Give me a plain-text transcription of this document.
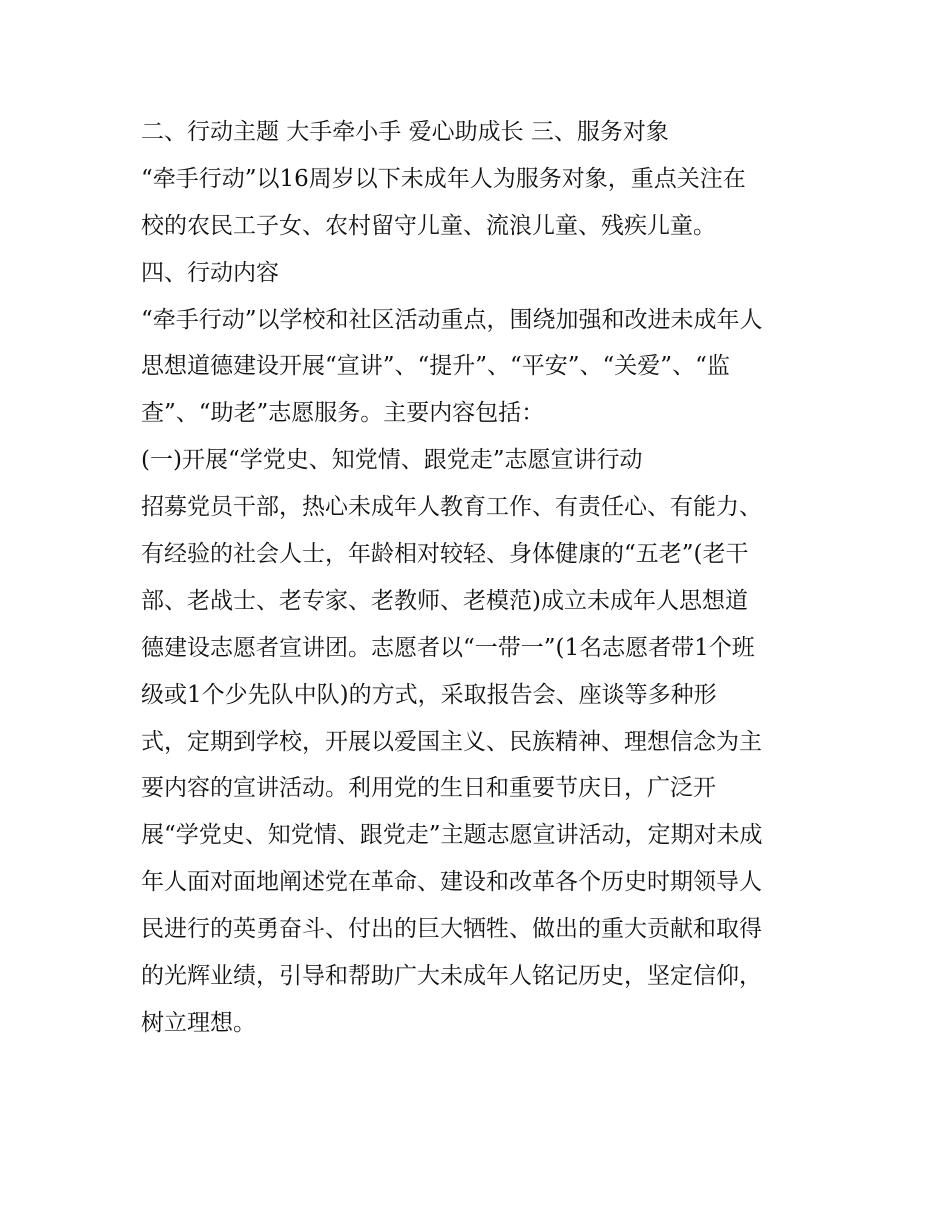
二、行动主题 大手牵小手 爱心助成长 三、服务对象
“牵手行动”以16周岁以下未成年人为服务对象，重点关注在
校的农民工子女、农村留守儿童、流浪儿童、残疾儿童。
四、行动内容
“牵手行动”以学校和社区活动重点，围绕加强和改进未成年人
思想道德建设开展“宣讲”、“提升”、“平安”、“关爱”、“监
查”、“助老”志愿服务。主要内容包括：
(一)开展“学党史、知党情、跟党走”志愿宣讲行动
招募党员干部，热心未成年人教育工作、有责任心、有能力、
有经验的社会人士，年龄相对较轻、身体健康的“五老”(老干
部、老战士、老专家、老教师、老模范)成立未成年人思想道
德建设志愿者宣讲团。志愿者以“一带一”(1名志愿者带1个班
级或1个少先队中队)的方式，采取报告会、座谈等多种形
式，定期到学校，开展以爱国主义、民族精神、理想信念为主
要内容的宣讲活动。利用党的生日和重要节庆日，广泛开
展“学党史、知党情、跟党走”主题志愿宣讲活动，定期对未成
年人面对面地阐述党在革命、建设和改革各个历史时期领导人
民进行的英勇奋斗、付出的巨大牺牲、做出的重大贡献和取得
的光辉业绩，引导和帮助广大未成年人铭记历史，坚定信仰，
树立理想。
